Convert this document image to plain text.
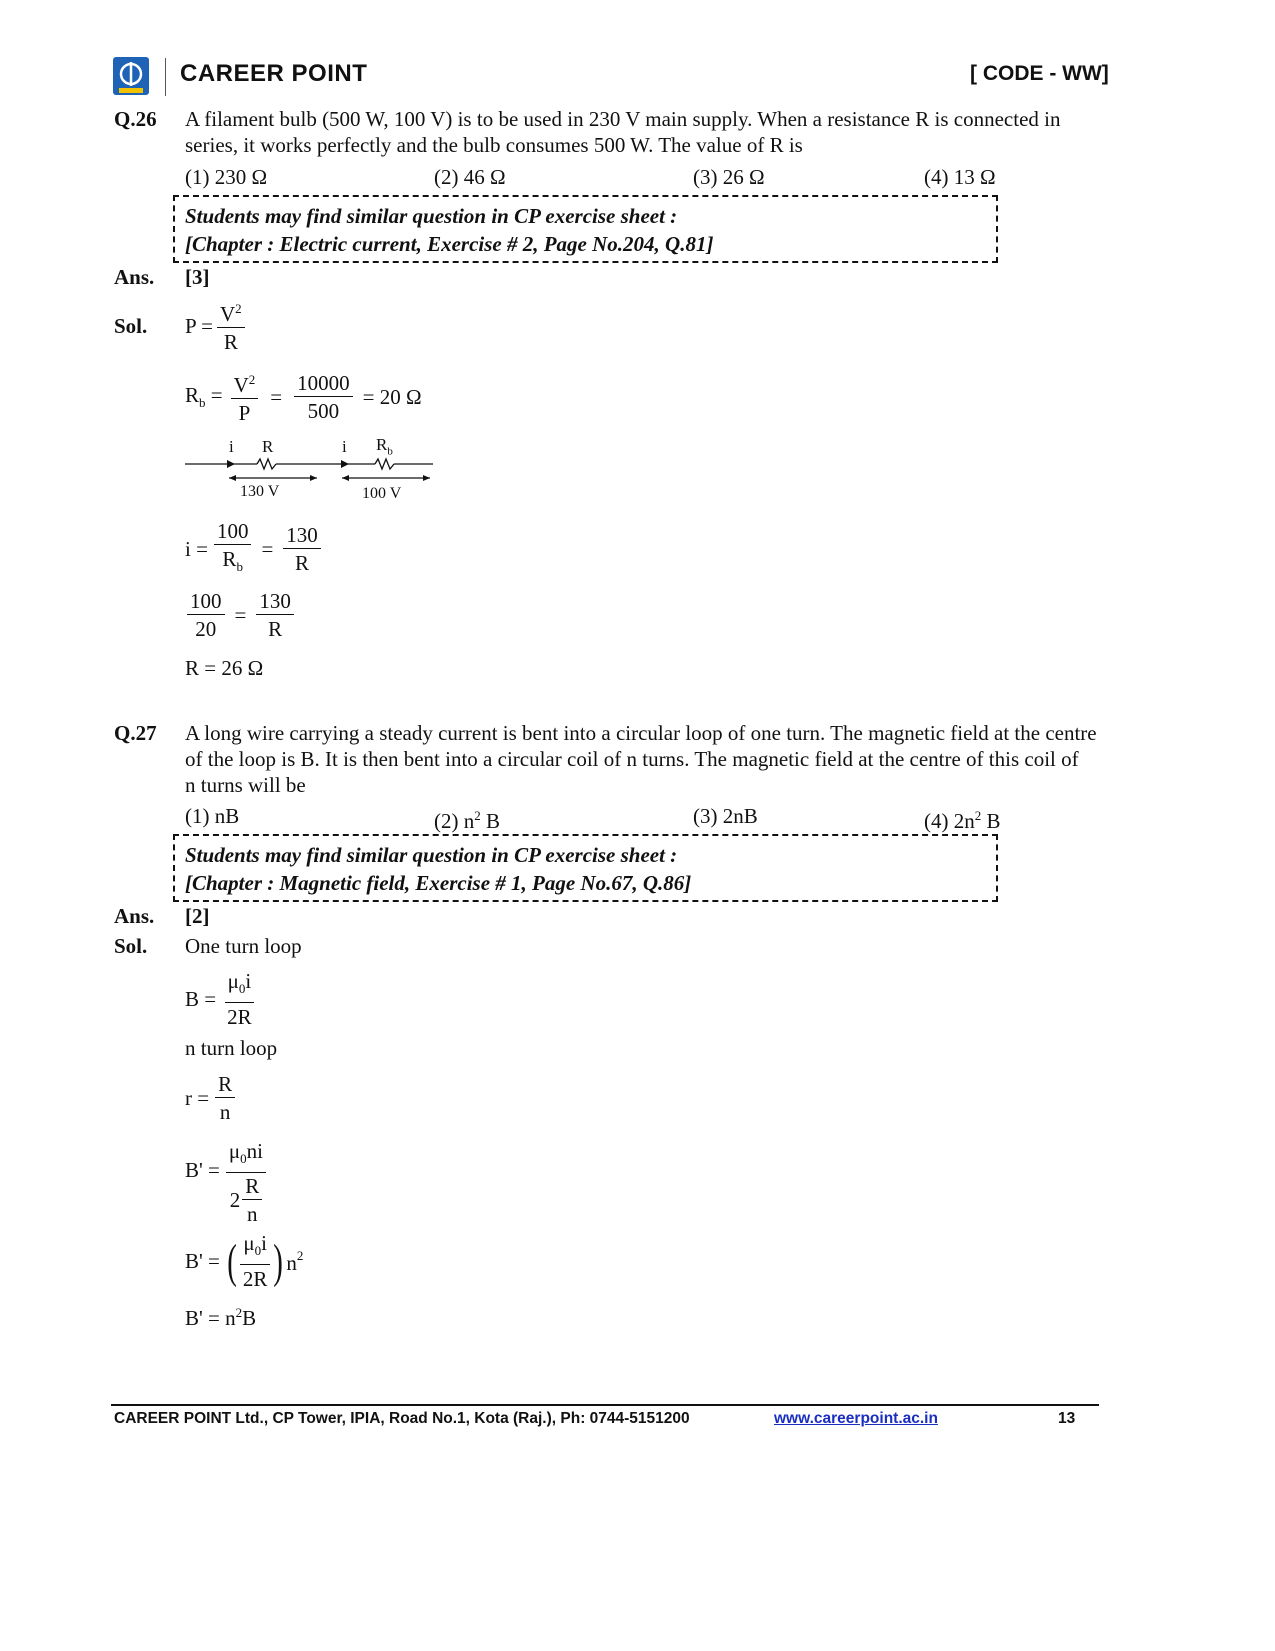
CAREER POINT	[ CODE - WW]
Q.26 A filament bulb (500 W, 100 V) is to be used in 230 V main supply. When a resistance R is connected in
series, it works perfectly and the bulb consumes 500 W. The value of R is
(1) 230 Ω	(2) 46 Ω	(3) 26 Ω	(4) 13 Ω
Students may find similar question in CP exercise sheet :
[Chapter : Electric current, Exercise # 2, Page No.204, Q.81]
Ans. [3]
Sol. $P = \frac{V^2}{R}$
$R_b = \frac{V^2}{P} = \frac{10000}{500} = 20$ Ω
i R	i $R_b$
130 V	100 V
$i = \frac{100}{R_b} = \frac{130}{R}$
$\frac{100}{20} = \frac{130}{R}$
R = 26 Ω
Q.27 A long wire carrying a steady current is bent into a circular loop of one turn. The magnetic field at the centre
of the loop is B. It is then bent into a circular coil of n turns. The magnetic field at the centre of this coil of
n turns will be
(1) nB	(2) $n^2$ B	(3) 2nB	(4) $2n^2$ B
Students may find similar question in CP exercise sheet :
[Chapter : Magnetic field, Exercise # 1, Page No.67, Q.86]
Ans. [2]
Sol. One turn loop
$B = \frac{\mu_0i}{2R}$
n turn loop
$r = \frac{R}{n}$
$B' = \frac{\mu_0ni}{2 \frac{R}{n}}$
B' = ( $\frac{\mu_0i}{2R}$ ) $n^2$
$B' = n^2B$
CAREER POINT Ltd., CP Tower, IPIA, Road No.1, Kota (Raj.), Ph: 0744-5151200	www.careerpoint.ac.in	13
